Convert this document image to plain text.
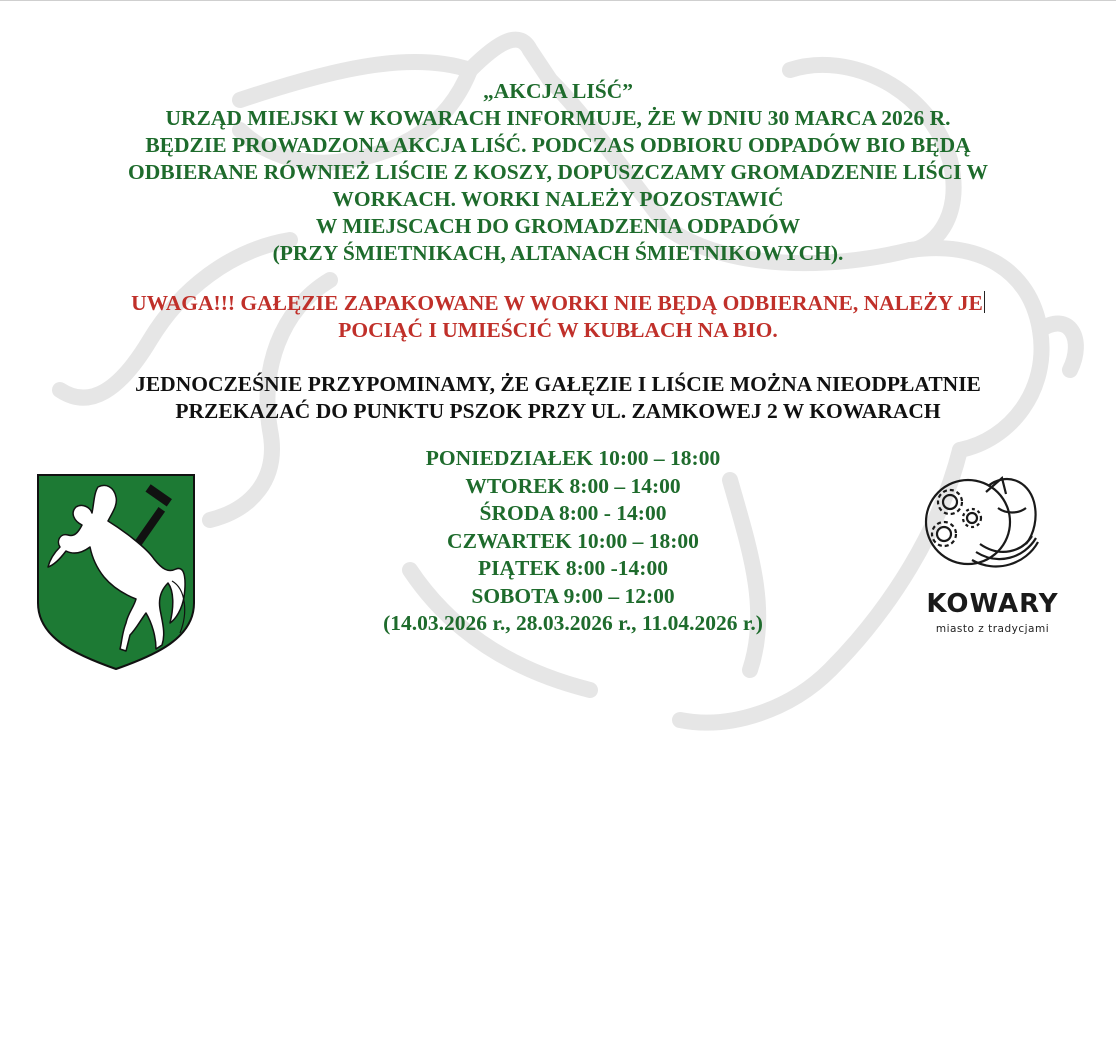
„AKCJA LIŚĆ”
URZĄD MIEJSKI W KOWARACH INFORMUJE, ŻE W DNIU 30 MARCA 2026 R.
BĘDZIE PROWADZONA AKCJA LIŚĆ. PODCZAS ODBIORU ODPADÓW BIO BĘDĄ
ODBIERANE RÓWNIEŻ LIŚCIE Z KOSZY, DOPUSZCZAMY GROMADZENIE LIŚCI W
WORKACH. WORKI NALEŻY POZOSTAWIĆ
W MIEJSCACH DO GROMADZENIA ODPADÓW
(PRZY ŚMIETNIKACH, ALTANACH ŚMIETNIKOWYCH).
UWAGA!!! GAŁĘZIE ZAPAKOWANE W WORKI NIE BĘDĄ ODBIERANE, NALEŻY JE
POCIĄĆ I UMIEŚCIĆ W KUBŁACH NA BIO.
JEDNOCZEŚNIE PRZYPOMINAMY, ŻE GAŁĘZIE I LIŚCIE MOŻNA NIEODPŁATNIE
PRZEKAZAĆ DO PUNKTU PSZOK PRZY UL. ZAMKOWEJ 2 W KOWARACH
PONIEDZIAŁEK 10:00 – 18:00
WTOREK 8:00 – 14:00
ŚRODA 8:00 - 14:00
CZWARTEK 10:00 – 18:00
PIĄTEK 8:00 -14:00
SOBOTA 9:00 – 12:00
(14.03.2026 r., 28.03.2026 r., 11.04.2026 r.)
KOWARY
miasto z tradycjami
